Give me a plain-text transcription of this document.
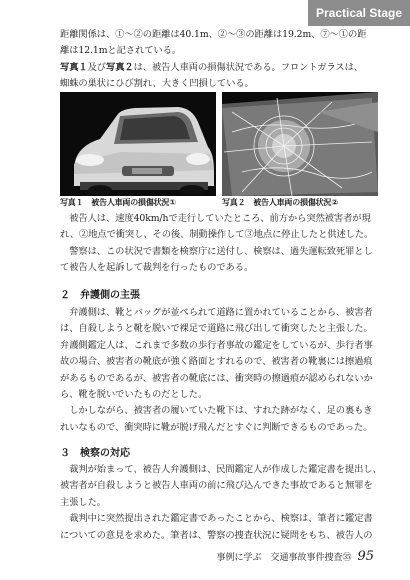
Practical Stage

距離関係は、①～②の距離は40.1m、②～③の距離は19.2m、⑦～①の距

離は12.1mと記されている。

写真１及び写真２は、被告人車両の損傷状況である。フロントガラスは、

蜘蛛の巣状にひび割れ、大きく凹損している。

写真１　 被告人車両の損傷状況①	写真２　 被告人車両の損傷状況②

　被告人は、速度40km/hで走行していたところ、前方から突然被害者が現

れ、②地点で衝突し、その後、制動操作して③地点に停止したと供述した。

　警察は、この状況で書類を検察庁に送付し、検察は、過失運転致死罪とし

て被告人を起訴して裁判を行ったものである。

２　 弁護側の主張

　弁護側は、靴とバッグが並べられて道路に置かれていることから、被害者

は、自殺しようと靴を脱いで裸足で道路に飛び出して衝突したと主張した。

弁護側鑑定人は、これまで多数の歩行者事故の鑑定をしているが、歩行者事

故の場合、被害者の靴底が強く路面とすれるので、被害者の靴裏には擦過痕

があるものであるが、被害者の靴底には、衝突時の擦過痕が認められないか

ら、靴を脱いでいたものだとした。

　しかしながら、被害者の履いていた靴下は、すれた跡がなく、足の裏もき

れいなもので、衝突時に靴が脱げ飛んだとすぐに判断できるものであった。

３　 検察の対応

　裁判が始まって、被告人弁護側は、民間鑑定人が作成した鑑定書を提出し、

被害者が自殺しようと被告人車両の前に飛び込んできた事故であると無罪を

主張した。

　裁判中に突然提出された鑑定書であったことから、検察は、筆者に鑑定書

についての意見を求めた。筆者は、警察の捜査状況に疑問をもち、被告人の

事例に学ぶ　交通事故事件捜査㉟ 95
